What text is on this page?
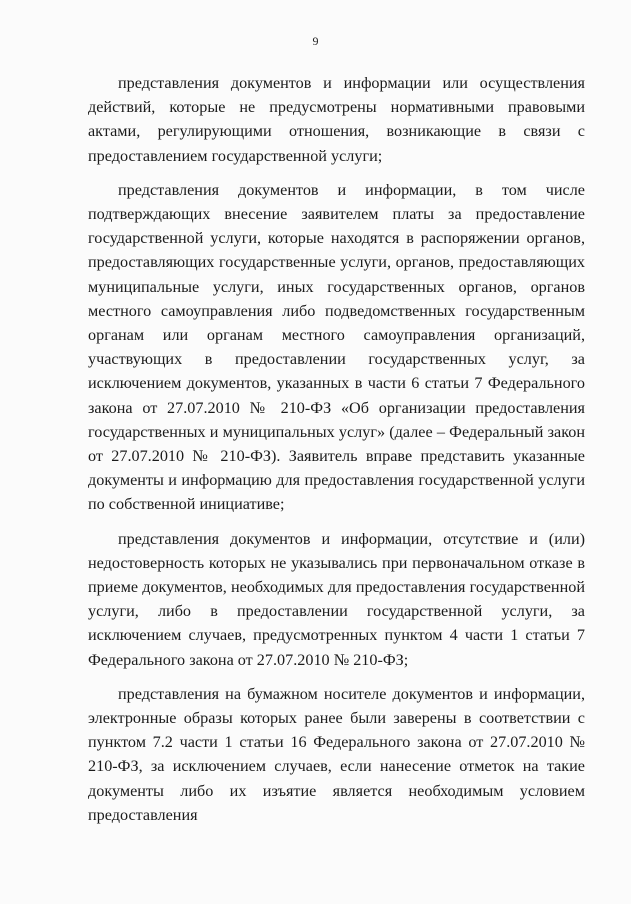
9

представления документов и информации или осуществления действий, которые не предусмотрены нормативными правовыми актами, регулирующими отношения, возникающие в связи с предоставлением государственной услуги;

представления документов и информации, в том числе подтверждающих внесение заявителем платы за предоставление государственной услуги, которые находятся в распоряжении органов, предоставляющих государственные услуги, органов, предоставляющих муниципальные услуги, иных государственных органов, органов местного самоуправления либо подведомственных государственным органам или органам местного самоуправления организаций, участвующих в предоставлении государственных услуг, за исключением документов, указанных в части 6 статьи 7 Федерального закона от 27.07.2010 № 210-ФЗ «Об организации предоставления государственных и муниципальных услуг» (далее – Федеральный закон от 27.07.2010 № 210-ФЗ). Заявитель вправе представить указанные документы и информацию для предоставления государственной услуги по собственной инициативе;

представления документов и информации, отсутствие и (или) недостоверность которых не указывались при первоначальном отказе в приеме документов, необходимых для предоставления государственной услуги, либо в предоставлении государственной услуги, за исключением случаев, предусмотренных пунктом 4 части 1 статьи 7 Федерального закона от 27.07.2010 № 210-ФЗ;

представления на бумажном носителе документов и информации, электронные образы которых ранее были заверены в соответствии с пунктом 7.2 части 1 статьи 16 Федерального закона от 27.07.2010 № 210-ФЗ, за исключением случаев, если нанесение отметок на такие документы либо их изъятие является необходимым условием предоставления
